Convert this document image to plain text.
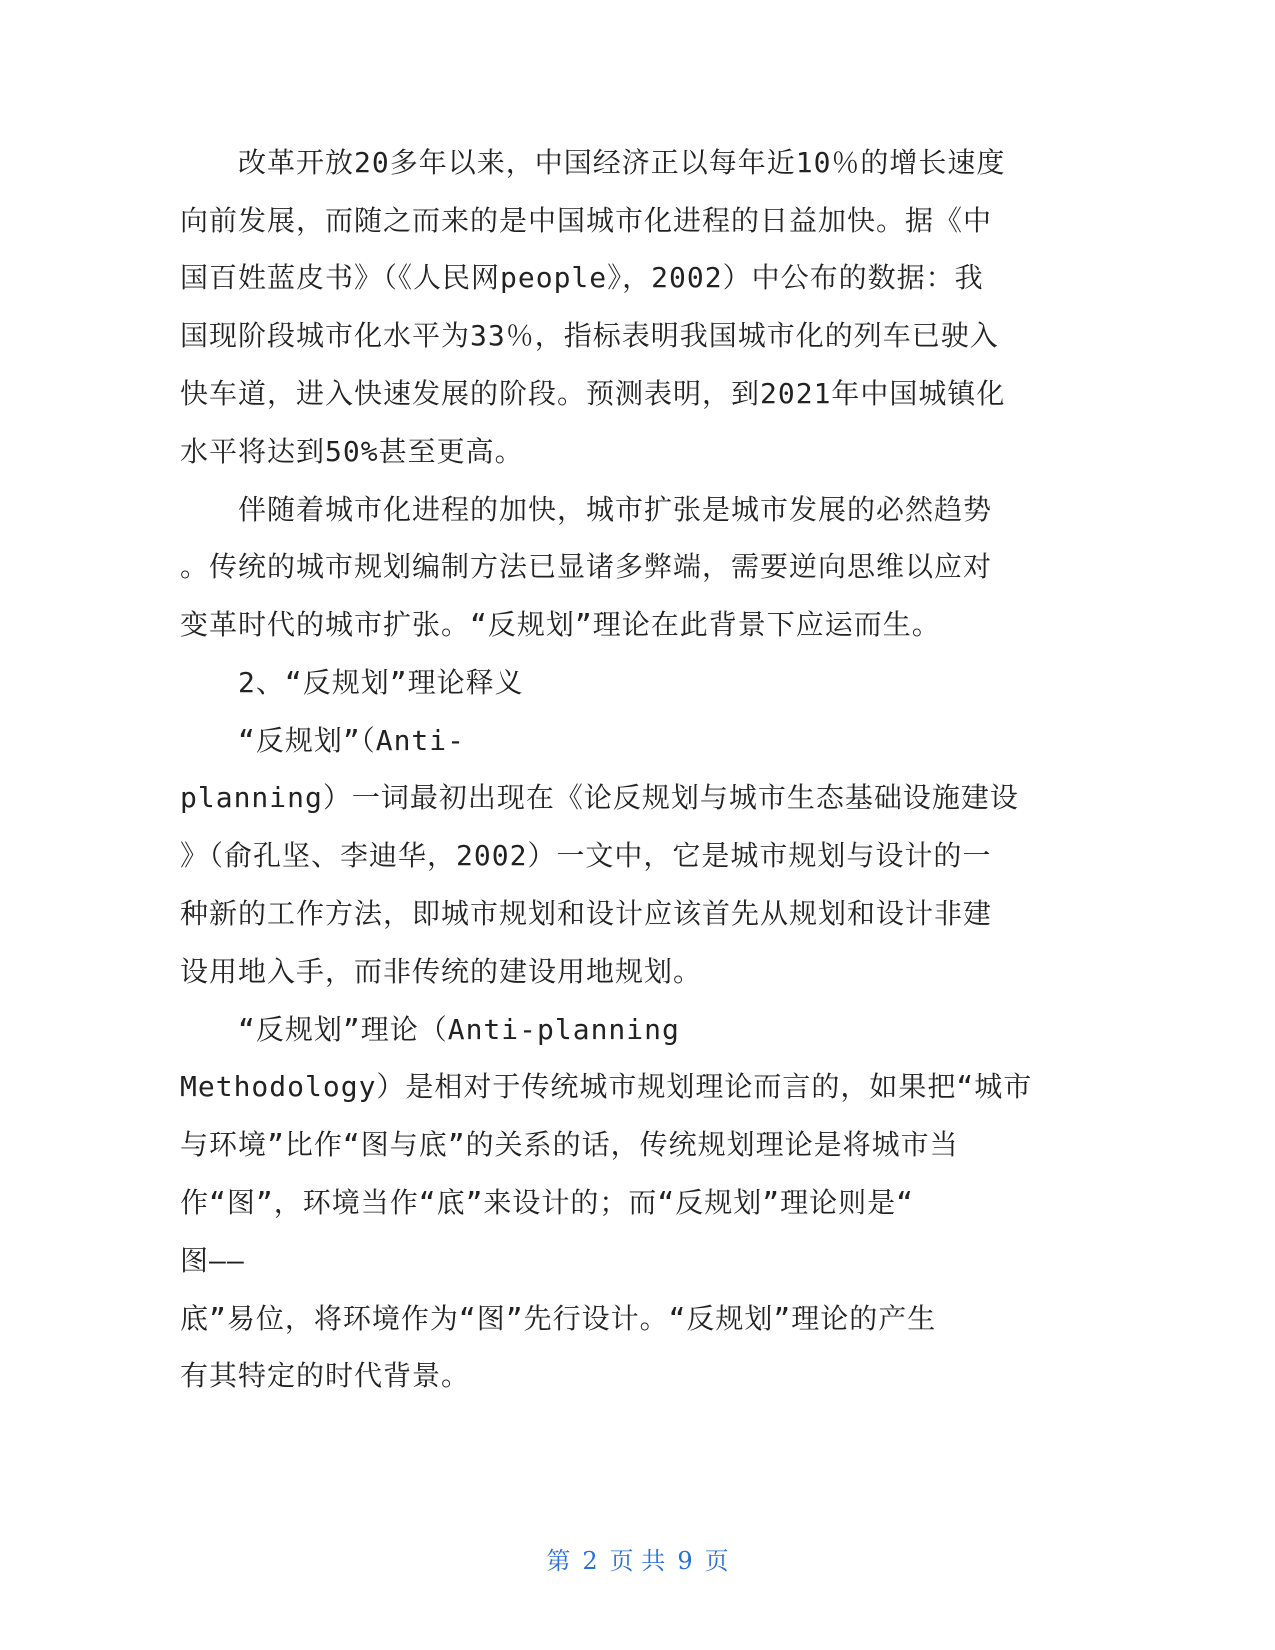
改革开放20多年以来，中国经济正以每年近10％的增长速度
向前发展，而随之而来的是中国城市化进程的日益加快。据《中
国百姓蓝皮书》（《人民网people》，2002）中公布的数据：我
国现阶段城市化水平为33％，指标表明我国城市化的列车已驶入
快车道，进入快速发展的阶段。预测表明，到2021年中国城镇化
水平将达到50%甚至更高。
伴随着城市化进程的加快，城市扩张是城市发展的必然趋势
。传统的城市规划编制方法已显诸多弊端，需要逆向思维以应对
变革时代的城市扩张。“反规划”理论在此背景下应运而生。
2、“反规划”理论释义
“反规划”（Anti-
planning）一词最初出现在《论反规划与城市生态基础设施建设
》（俞孔坚、李迪华，2002）一文中，它是城市规划与设计的一
种新的工作方法，即城市规划和设计应该首先从规划和设计非建
设用地入手，而非传统的建设用地规划。
“反规划”理论（Anti-planning
Methodology）是相对于传统城市规划理论而言的，如果把“城市
与环境”比作“图与底”的关系的话，传统规划理论是将城市当
作“图”，环境当作“底”来设计的；而“反规划”理论则是“
图——
底”易位，将环境作为“图”先行设计。“反规划”理论的产生
有其特定的时代背景。
第 2 页 共 9 页
